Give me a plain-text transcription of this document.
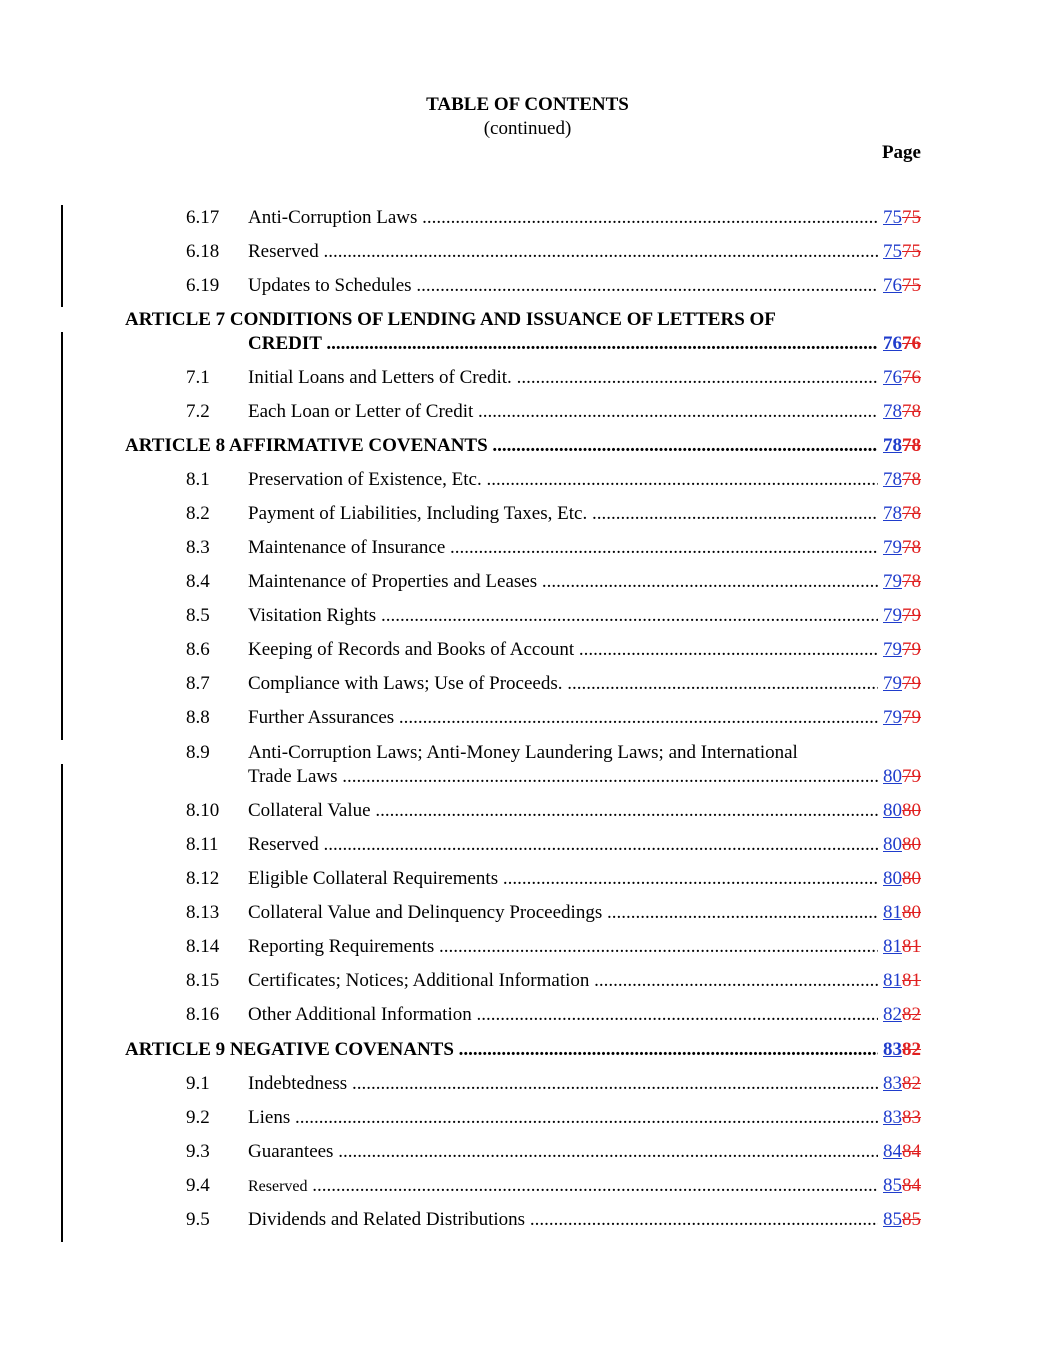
TABLE OF CONTENTS
(continued)
Page
6.17 Anti-Corruption Laws .....	7575
6.18 Reserved .....	7575
6.19 Updates to Schedules .....	7675
ARTICLE 7 CONDITIONS OF LENDING AND ISSUANCE OF LETTERS OF
CREDIT .....	7676
7.1 Initial Loans and Letters of Credit. .....	7676
7.2 Each Loan or Letter of Credit .....	7878
ARTICLE 8 AFFIRMATIVE COVENANTS .....	7878
8.1 Preservation of Existence, Etc. .....	7878
8.2 Payment of Liabilities, Including Taxes, Etc. .....	7878
8.3 Maintenance of Insurance .....	7978
8.4 Maintenance of Properties and Leases .....	7978
8.5 Visitation Rights .....	7979
8.6 Keeping of Records and Books of Account .....	7979
8.7 Compliance with Laws; Use of Proceeds. .....	7979
8.8 Further Assurances .....	7979
8.9 Anti-Corruption Laws; Anti-Money Laundering Laws; and International
Trade Laws .....	8079
8.10 Collateral Value .....	8080
8.11 Reserved .....	8080
8.12 Eligible Collateral Requirements .....	8080
8.13 Collateral Value and Delinquency Proceedings .....	8180
8.14 Reporting Requirements .....	8181
8.15 Certificates; Notices; Additional Information .....	8181
8.16 Other Additional Information .....	8282
ARTICLE 9 NEGATIVE COVENANTS .....	8382
9.1 Indebtedness .....	8382
9.2 Liens .....	8383
9.3 Guarantees .....	8484
9.4 Reserved .....	8584
9.5 Dividends and Related Distributions .....	8585
